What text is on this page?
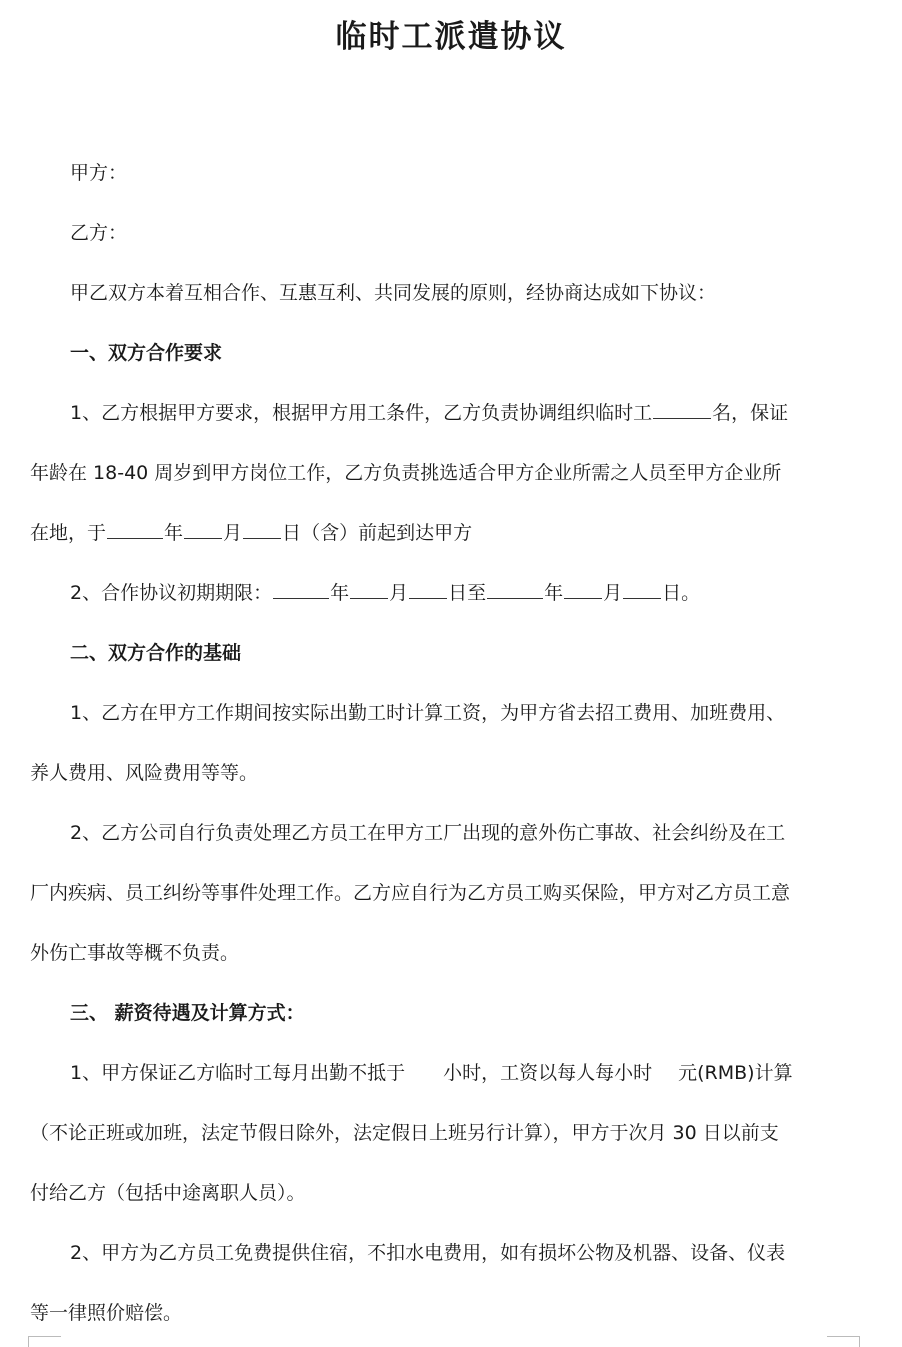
临时工派遣协议
甲方：
乙方：
甲乙双方本着互相合作、互惠互利、共同发展的原则，经协商达成如下协议：
一、双方合作要求
1、乙方根据甲方要求，根据甲方用工条件，乙方负责协调组织临时工	名，保证
年龄在 18-40 周岁到甲方岗位工作，乙方负责挑选适合甲方企业所需之人员至甲方企业所
在地，于	年 月 日（含）前起到达甲方
2、合作协议初期期限：	年 月 日至	年 月 日。
二、双方合作的基础
1、乙方在甲方工作期间按实际出勤工时计算工资，为甲方省去招工费用、加班费用、
养人费用、风险费用等等。
2、乙方公司自行负责处理乙方员工在甲方工厂出现的意外伤亡事故、社会纠纷及在工
厂内疾病、员工纠纷等事件处理工作。乙方应自行为乙方员工购买保险，甲方对乙方员工意
外伤亡事故等概不负责。
三、 薪资待遇及计算方式：
1、甲方保证乙方临时工每月出勤不抵于 小时，工资以每人每小时 元(RMB)计算
（不论正班或加班，法定节假日除外，法定假日上班另行计算），甲方于次月 30 日以前支
付给乙方（包括中途离职人员）。
2、甲方为乙方员工免费提供住宿，不扣水电费用，如有损坏公物及机器、设备、仪表
等一律照价赔偿。
